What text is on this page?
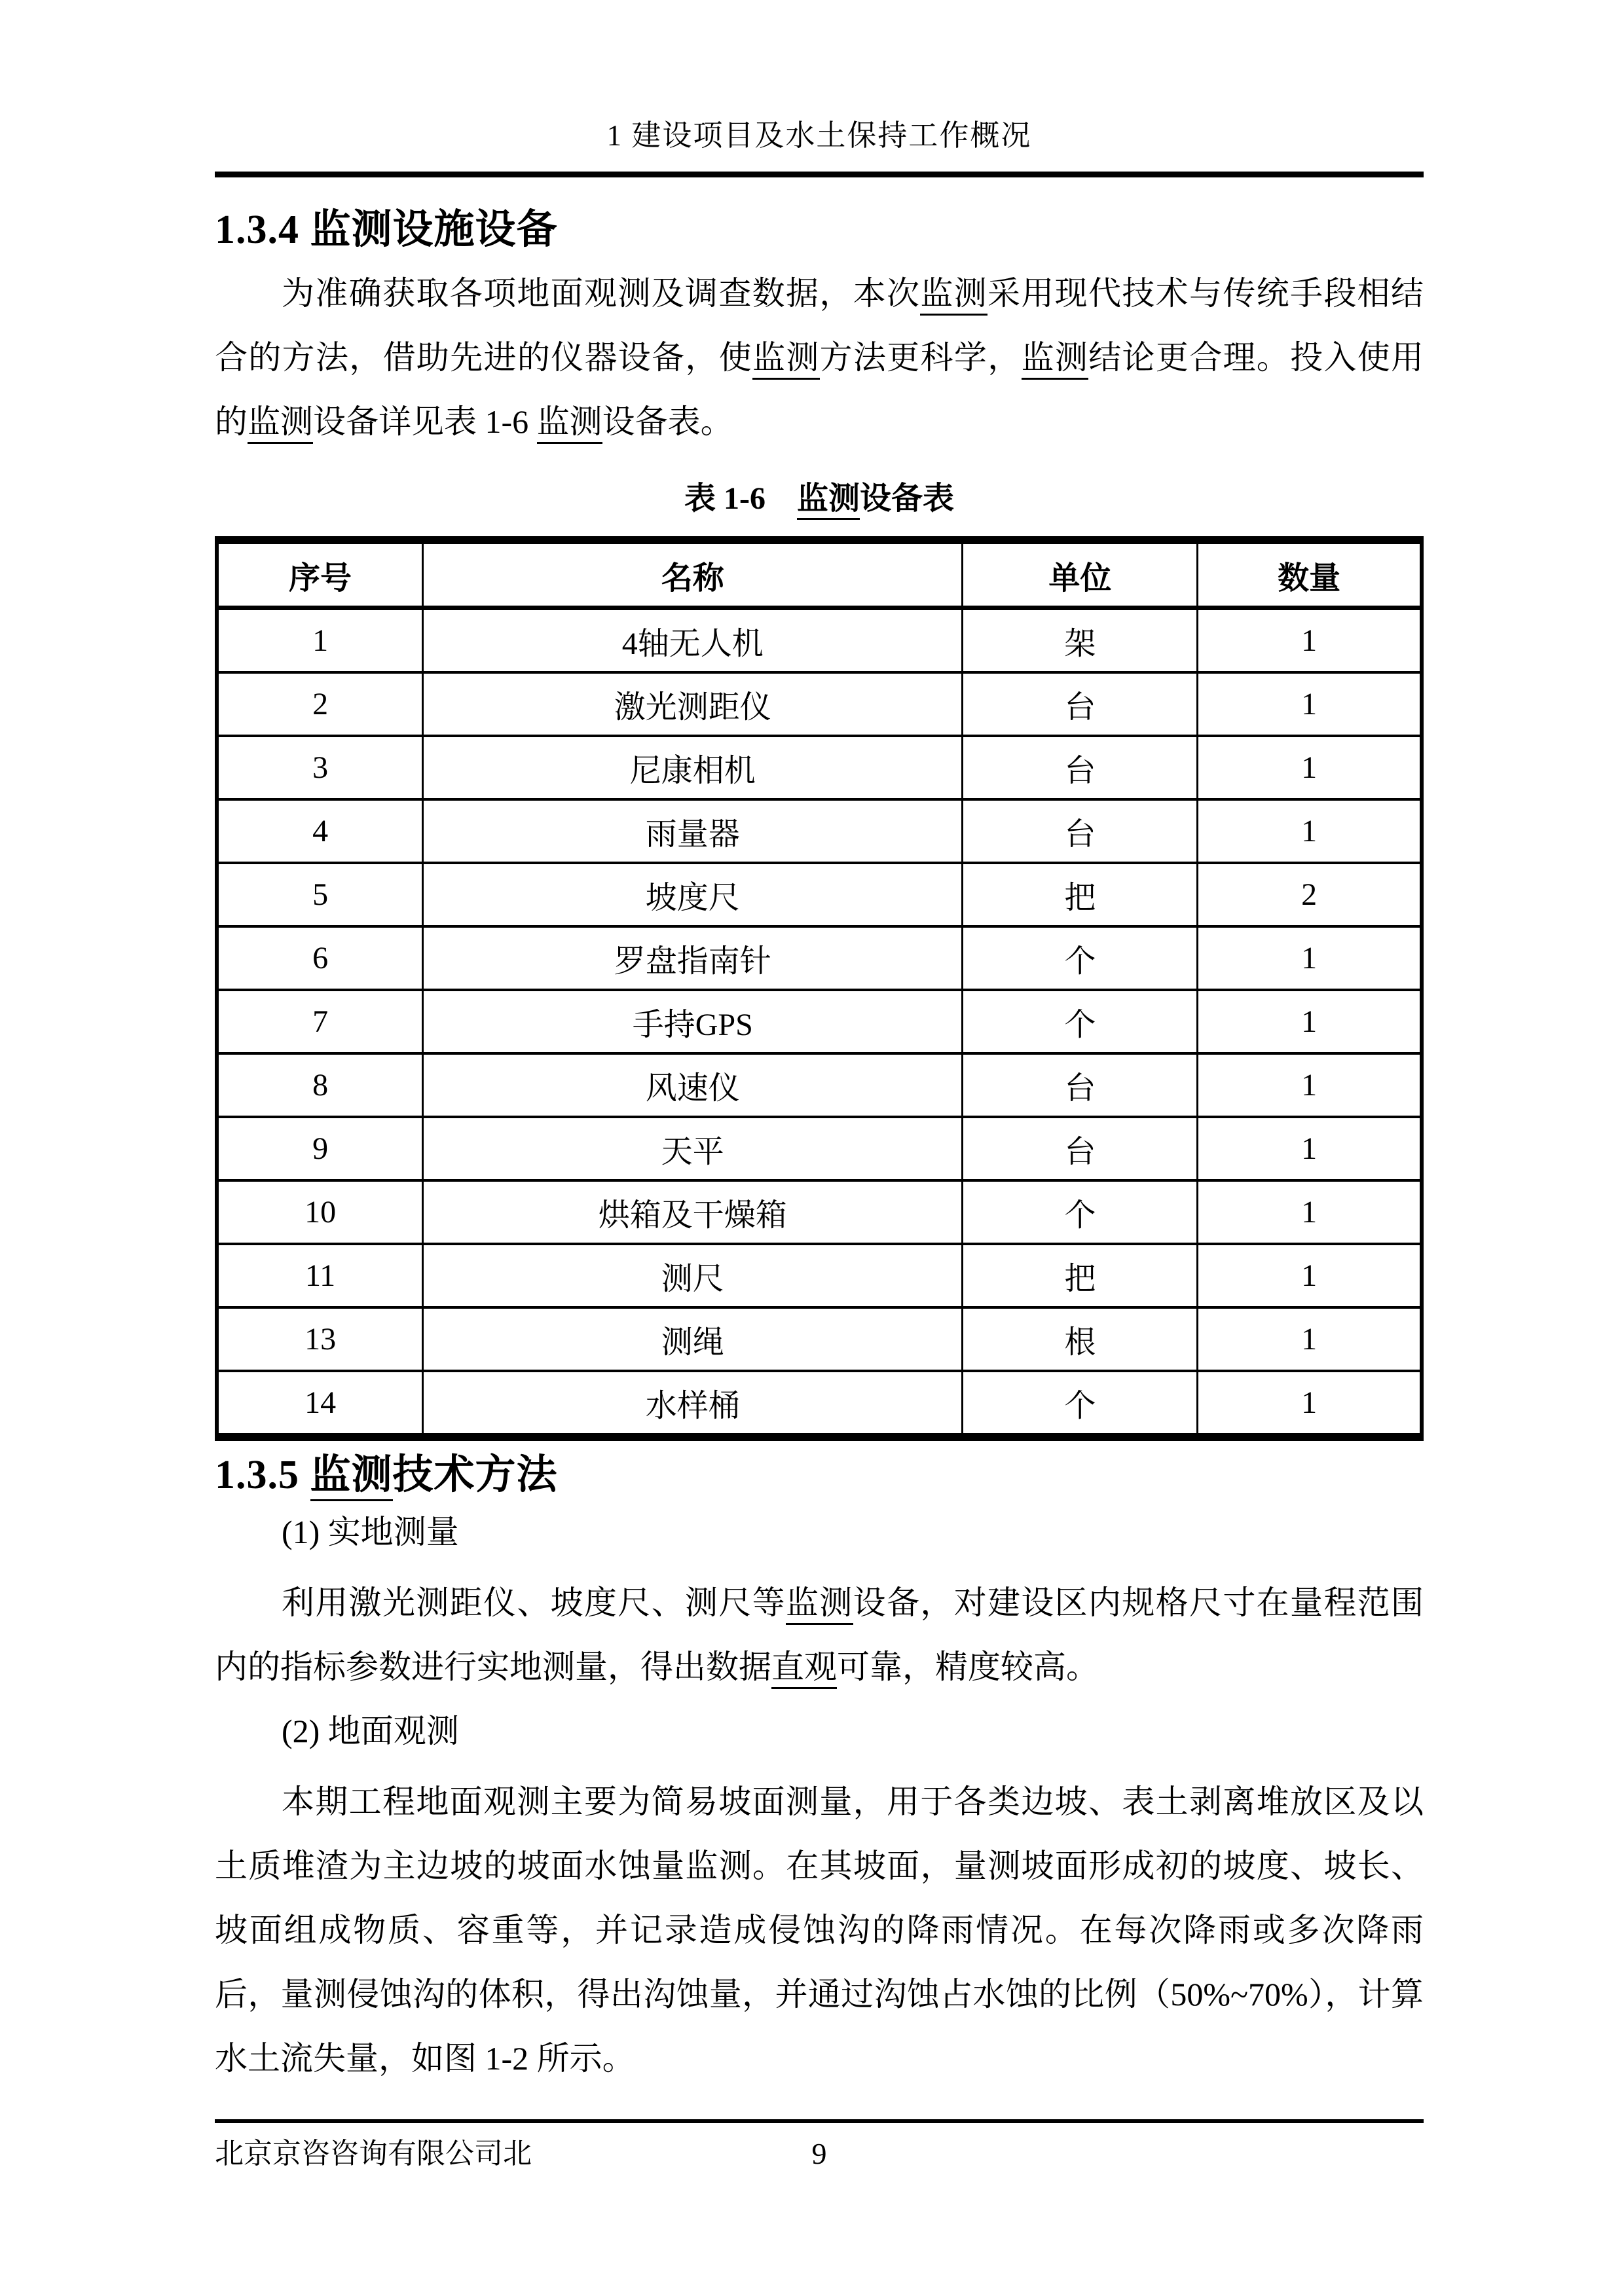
1 建设项目及水土保持工作概况
1.3.4 监测设施设备

为准确获取各项地面观测及调查数据，本次监测采用现代技术与传统手段相结合的方法，借助先进的仪器设备，使监测方法更科学，监测结论更合理。投入使用的监测设备详见表 1-6 监测设备表。

表 1-6　监测设备表
序号	名称	单位	数量
1	4轴无人机	架	1
2	激光测距仪	台	1
3	尼康相机	台	1
4	雨量器	台	1
5	坡度尺	把	2
6	罗盘指南针	个	1
7	手持GPS	个	1
8	风速仪	台	1
9	天平	台	1
10	烘箱及干燥箱	个	1
11	测尺	把	1
13	测绳	根	1
14	水样桶	个	1
1.3.5 监测技术方法

(1) 实地测量

利用激光测距仪、坡度尺、测尺等监测设备，对建设区内规格尺寸在量程范围内的指标参数进行实地测量，得出数据直观可靠，精度较高。

(2) 地面观测

本期工程地面观测主要为简易坡面测量，用于各类边坡、表土剥离堆放区及以土质堆渣为主边坡的坡面水蚀量监测。在其坡面，量测坡面形成初的坡度、坡长、坡面组成物质、容重等，并记录造成侵蚀沟的降雨情况。在每次降雨或多次降雨后，量测侵蚀沟的体积，得出沟蚀量，并通过沟蚀占水蚀的比例（50%~70%），计算水土流失量，如图 1-2 所示。

北京京咨咨询有限公司北	9
